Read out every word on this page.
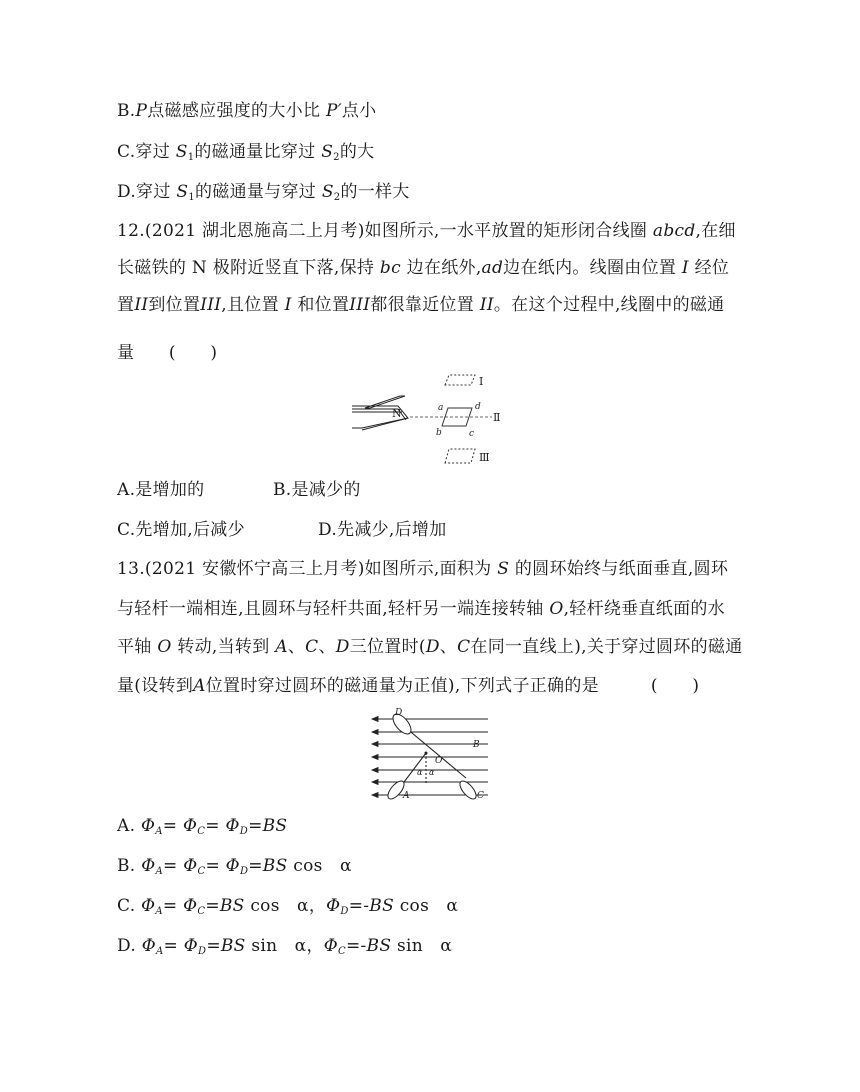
B.P点磁感应强度的大小比 P′点小
C.穿过 $S_1$的磁通量比穿过 $S_2$的大
D.穿过 $S_1$的磁通量与穿过 $S_2$的一样大
12.(2021 湖北恩施高二上月考)如图所示,一水平放置的矩形闭合线圈 abcd,在细
长磁铁的 N 极附近竖直下落,保持 bc 边在纸外,ad边在纸内。线圈由位置 I 经位
置II到位置III,且位置 I 和位置III都很靠近位置 II。在这个过程中,线圈中的磁通
量　　(　　)
N
Ⅰ
a	d
b	c
Ⅱ
Ⅲ
A.是增加的	B.是减少的
C.先增加,后减少	D.先减少,后增加
13.(2021 安徽怀宁高三上月考)如图所示,面积为 S 的圆环始终与纸面垂直,圆环
与轻杆一端相连,且圆环与轻杆共面,轻杆另一端连接转轴 O,轻杆绕垂直纸面的水
平轴 O 转动,当转到 A、C、D三位置时(D、C在同一直线上),关于穿过圆环的磁通
量(设转到A位置时穿过圆环的磁通量为正值),下列式子正确的是　　　(　　)
D
B
O
α α
A	C
A. $\Phi_A= \Phi_C= \Phi_D=BS$
B. $\Phi_A= \Phi_C= \Phi_D=BS$ cos　α
C. $\Phi_A= \Phi_C=BS$ cos　α，$\Phi_D=-BS$ cos　α
D. $\Phi_A= \Phi_D=BS$ sin　α，$\Phi_C=-BS$ sin　α
